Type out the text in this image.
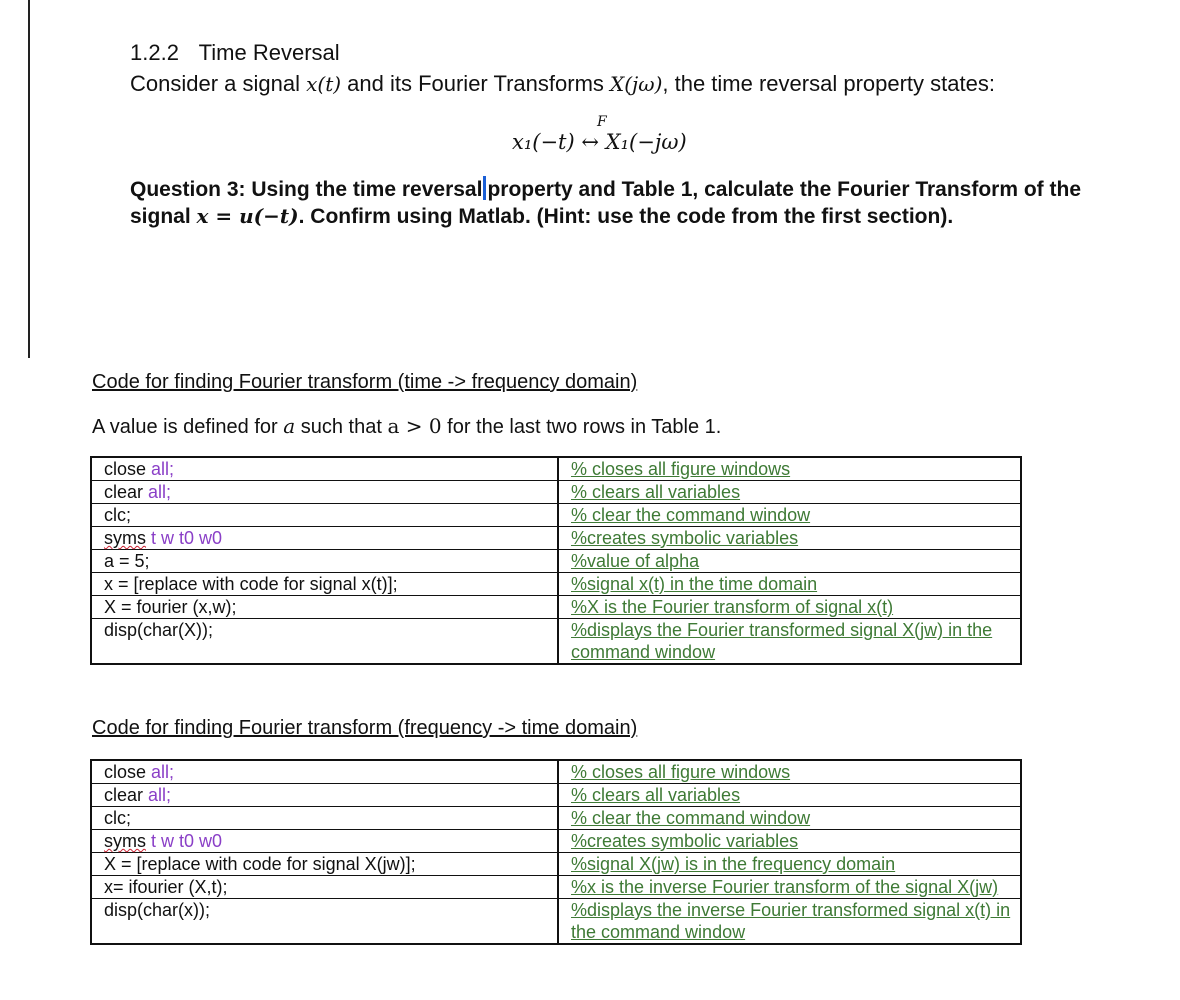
1.2.2 Time Reversal
Consider a signal x(t) and its Fourier Transforms X(jω), the time reversal property states:
F
x₁(−t) ↔ X₁(−jω)
Question 3: Using the time reversal property and Table 1, calculate the Fourier Transform of the signal x = u(−t). Confirm using Matlab. (Hint: use the code from the first section).
Code for finding Fourier transform (time -> frequency domain)
A value is defined for a such that a > 0 for the last two rows in Table 1.
close all;	% closes all figure windows
clear all;	% clears all variables
clc;	% clear the command window
syms t w t0 w0	%creates symbolic variables
a = 5;	%value of alpha
x = [replace with code for signal x(t)];	%signal x(t) in the time domain
X = fourier (x,w);	%X is the Fourier transform of signal x(t)
disp(char(X));	%displays the Fourier transformed signal X(jw) in the command window
Code for finding Fourier transform (frequency -> time domain)
close all;	% closes all figure windows
clear all;	% clears all variables
clc;	% clear the command window
syms t w t0 w0	%creates symbolic variables
X = [replace with code for signal X(jw)];	%signal X(jw) is in the frequency domain
x= ifourier (X,t);	%x is the inverse Fourier transform of the signal X(jw)
disp(char(x));	%displays the inverse Fourier transformed signal x(t) in the command window
